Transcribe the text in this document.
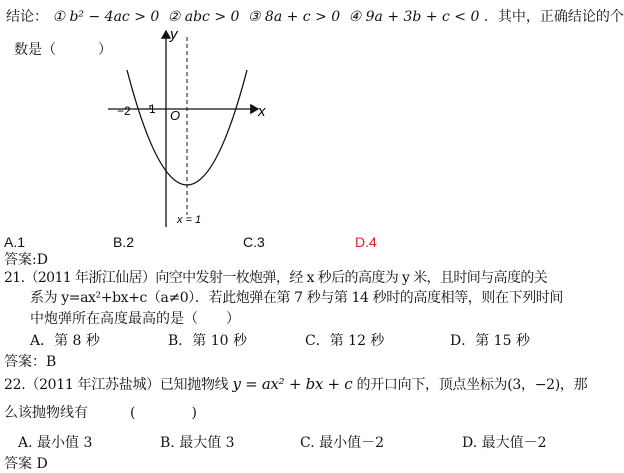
结论： ① b² − 4ac > 0 ② abc > 0 ③ 8a + c > 0 ④ 9a + 3b + c < 0 ．其中，正确结论的个
数是（　　　）
y
x
O
−2 −1
x = 1
A.1	B.2	C.3	D.4
答案:D
21.（2011 年浙江仙居）向空中发射一枚炮弹，经 x 秒后的高度为 y 米，且时间与高度的关
系为 y=ax²+bx+c（a≠0）．若此炮弹在第 7 秒与第 14 秒时的高度相等，则在下列时间
中炮弹所在高度最高的是（　　）
A．第 8 秒	B．第 10 秒	C．第 12 秒	D．第 15 秒
答案：B
22.（2011 年江苏盐城）已知抛物线 y = ax² + bx + c 的开口向下，顶点坐标为(3，−2)，那
么该抛物线有　　　(　　　　)
A. 最小值 3	B. 最大值 3	C. 最小值－2	D. 最大值－2
答案 D
